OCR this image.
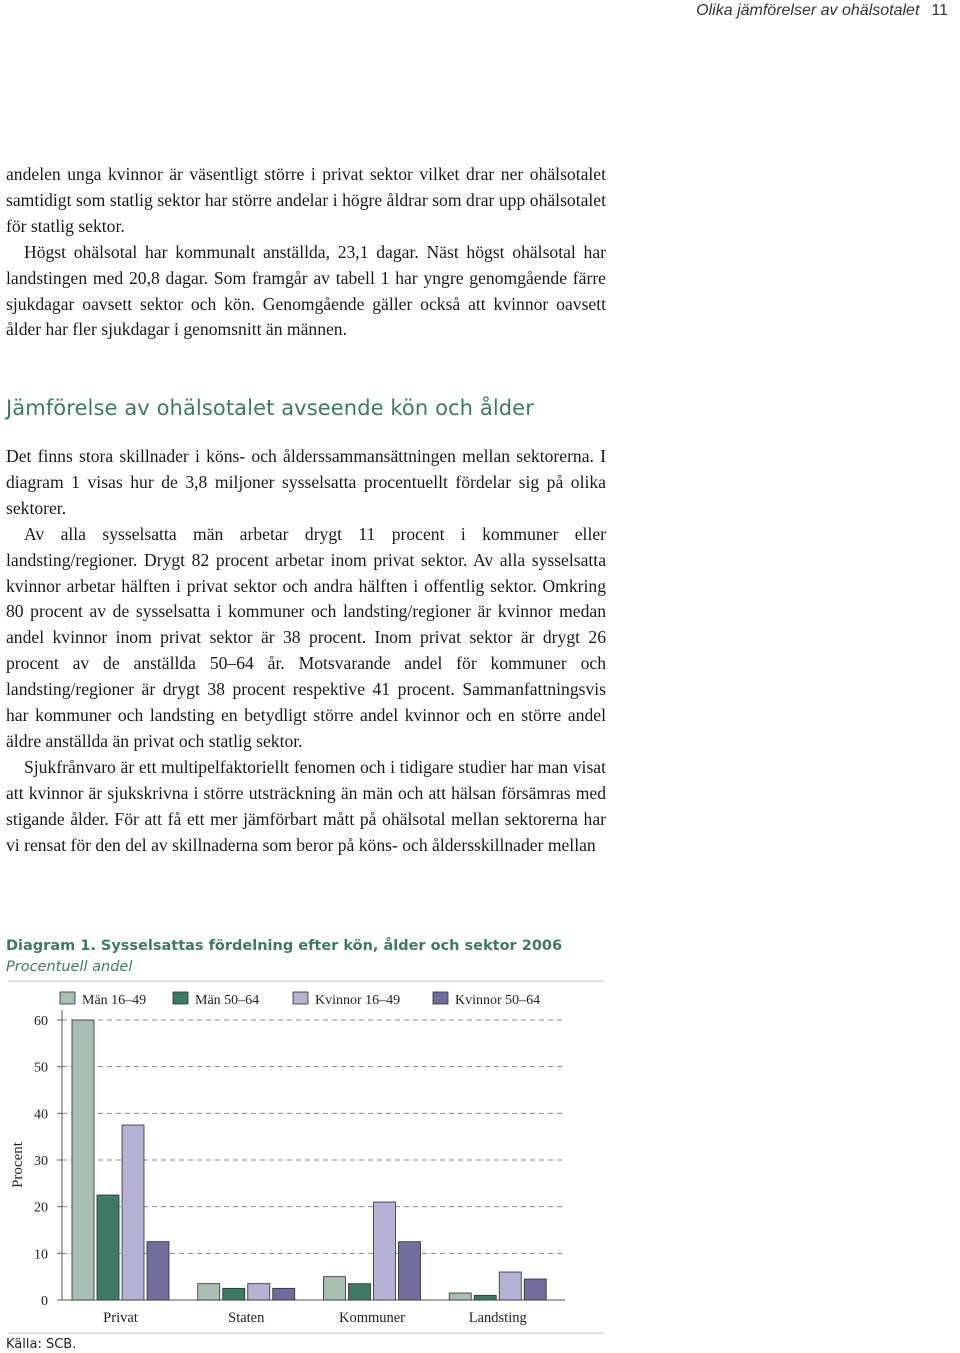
Olika jämförelser av ohälsotalet 11

andelen unga kvinnor är väsentligt större i privat sektor vilket drar ner ohälsotalet samtidigt som statlig sektor har större andelar i högre åldrar som drar upp ohälsotalet för statlig sektor.

Högst ohälsotal har kommunalt anställda, 23,1 dagar. Näst högst ohälsotal har landstingen med 20,8 dagar. Som framgår av tabell 1 har yngre genomgående färre sjukdagar oavsett sektor och kön. Genomgående gäller också att kvinnor oavsett ålder har fler sjukdagar i genomsnitt än männen.

Jämförelse av ohälsotalet avseende kön och ålder

Det finns stora skillnader i köns- och ålderssammansättningen mellan sektorerna. I diagram 1 visas hur de 3,8 miljoner sysselsatta procentuellt fördelar sig på olika sektorer.

Av alla sysselsatta män arbetar drygt 11 procent i kommuner eller landsting/regioner. Drygt 82 procent arbetar inom privat sektor. Av alla sysselsatta kvinnor arbetar hälften i privat sektor och andra hälften i offentlig sektor. Omkring 80 procent av de sysselsatta i kommuner och landsting/regioner är kvinnor medan andel kvinnor inom privat sektor är 38 procent. Inom privat sektor är drygt 26 procent av de anställda 50–64 år. Motsvarande andel för kommuner och landsting/regioner är drygt 38 procent respektive 41 procent. Sammanfattningsvis har kommuner och landsting en betydligt större andel kvinnor och en större andel äldre anställda än privat och statlig sektor.

Sjukfrånvaro är ett multipelfaktoriellt fenomen och i tidigare studier har man visat att kvinnor är sjukskrivna i större utsträckning än män och att hälsan försämras med stigande ålder. För att få ett mer jämförbart mått på ohälsotal mellan sektorerna har vi rensat för den del av skillnaderna som beror på köns- och åldersskillnader mellan

Diagram 1. Sysselsattas fördelning efter kön, ålder och sektor 2006
Procentuell andel
0
10
20
30
40
50
60
Procent
Privat	Staten	Kommuner	Landsting
Män 16–49	Män 50–64	Kvinnor 16–49	Kvinnor 50–64
Källa: SCB.
